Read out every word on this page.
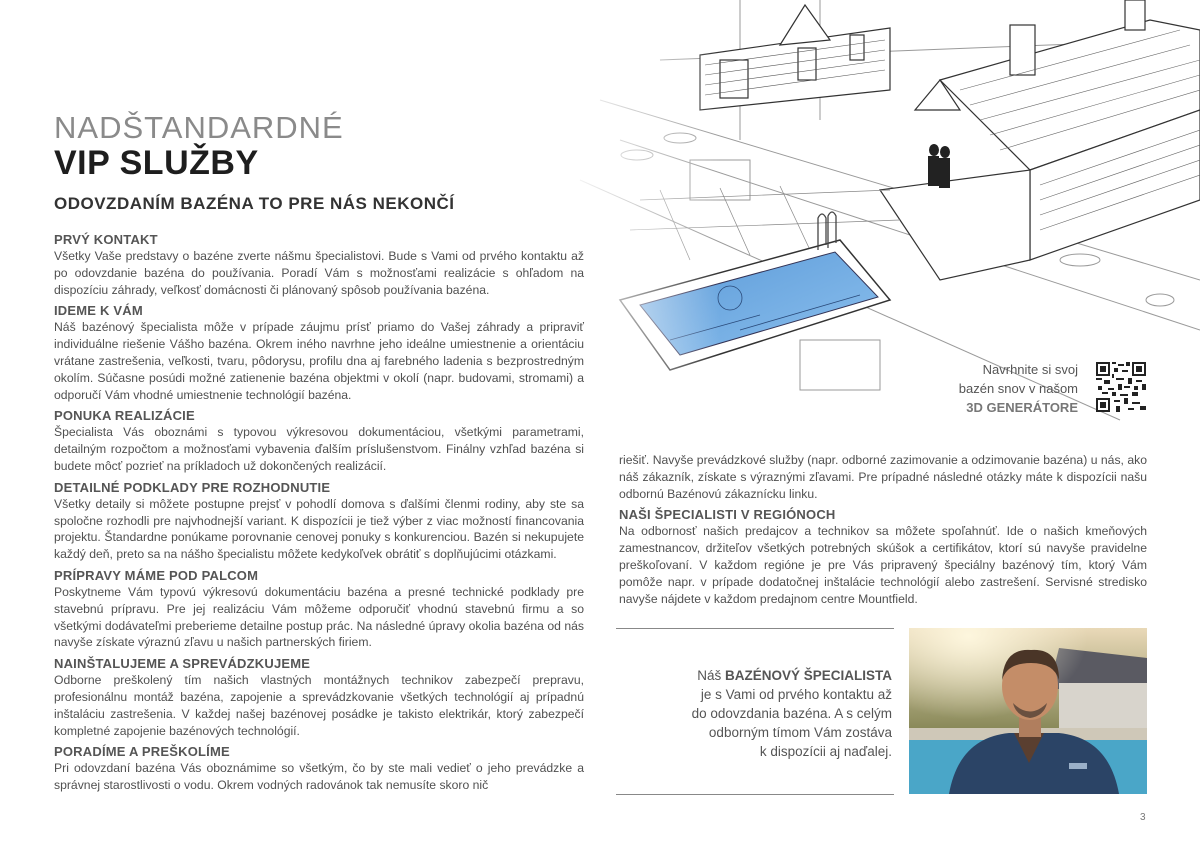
NADŠTANDARDNÉ
VIP SLUŽBY
ODOVZDANÍM BAZÉNA TO PRE NÁS NEKONČÍ
PRVÝ KONTAKT

Všetky Vaše predstavy o bazéne zverte nášmu špecialistovi. Bude s Vami od prvého kontaktu až po odovzdanie bazéna do používania. Poradí Vám s možnosťami realizácie s ohľadom na dispozíciu záhrady, veľkosť domácnosti či plánovaný spôsob používania bazéna.

IDEME K VÁM

Náš bazénový špecialista môže v prípade záujmu prísť priamo do Vašej záhrady a pripraviť individuálne riešenie Vášho bazéna. Okrem iného navrhne jeho ideálne umiestnenie a orientáciu vrátane zastrešenia, veľkosti, tvaru, pôdorysu, profilu dna aj farebného ladenia s bezprostredným okolím. Súčasne posúdi možné zatienenie bazéna objektmi v okolí (napr. budovami, stromami) a odporučí Vám vhodné umiestnenie technológií bazéna.

PONUKA REALIZÁCIE

Špecialista Vás oboznámi s typovou výkresovou dokumentáciou, všetkými parametrami, detailným rozpočtom a možnosťami vybavenia ďalším príslušenstvom. Finálny vzhľad bazéna si budete môcť pozrieť na príkladoch už dokončených realizácií.

DETAILNÉ PODKLADY PRE ROZHODNUTIE

Všetky detaily si môžete postupne prejsť v pohodlí domova s ďalšími členmi rodiny, aby ste sa spoločne rozhodli pre najvhodnejší variant. K dispozícii je tiež výber z viac možností financovania projektu. Štandardne ponúkame porovnanie cenovej ponuky s konkurenciou. Bazén si nekupujete každý deň, preto sa na nášho špecialistu môžete kedykoľvek obrátiť s doplňujúcimi otázkami.

PRÍPRAVY MÁME POD PALCOM

Poskytneme Vám typovú výkresovú dokumentáciu bazéna a presné technické podklady pre stavebnú prípravu. Pre jej realizáciu Vám môžeme odporučiť vhodnú stavebnú firmu a so všetkými dodávateľmi preberieme detailne postup prác. Na následné úpravy okolia bazéna od nás navyše získate výraznú zľavu u našich partnerských firiem.

NAINŠTALUJEME A SPREVÁDZKUJEME

Odborne preškolený tím našich vlastných montážnych technikov zabezpečí prepravu, profesionálnu montáž bazéna, zapojenie a sprevádzkovanie všetkých technológií aj prípadnú inštaláciu zastrešenia. V každej našej bazénovej posádke je takisto elektrikár, ktorý zabezpečí kompletné zapojenie bazénových technológií.

PORADÍME A PREŠKOLÍME

Pri odovzdaní bazéna Vás oboznámime so všetkým, čo by ste mali vedieť o jeho prevádzke a správnej starostlivosti o vodu. Okrem vodných radovánok tak nemusíte skoro nič

Navrhnite si svoj
bazén snov v našom
3D GENERÁTORE

riešiť. Navyše prevádzkové služby (napr. odborné zazimovanie a odzimovanie bazéna) u nás, ako náš zákazník, získate s výraznými zľavami. Pre prípadné následné otázky máte k dispozícii našu odbornú Bazénovú zákaznícku linku.

NAŠI ŠPECIALISTI V REGIÓNOCH

Na odbornosť našich predajcov a technikov sa môžete spoľahnúť. Ide o našich kmeňových zamestnancov, držiteľov všetkých potrebných skúšok a certifikátov, ktorí sú navyše pravidelne preškoľovaní. V každom regióne je pre Vás pripravený špeciálny bazénový tím, ktorý Vám pomôže napr. v prípade dodatočnej inštalácie technológií alebo zastrešení. Servisné stredisko navyše nájdete v každom predajnom centre Mountfield.

Náš BAZÉNOVÝ ŠPECIALISTA
je s Vami od prvého kontaktu až
do odovzdania bazéna. A s celým
odborným tímom Vám zostáva
k dispozícii aj naďalej.
3
